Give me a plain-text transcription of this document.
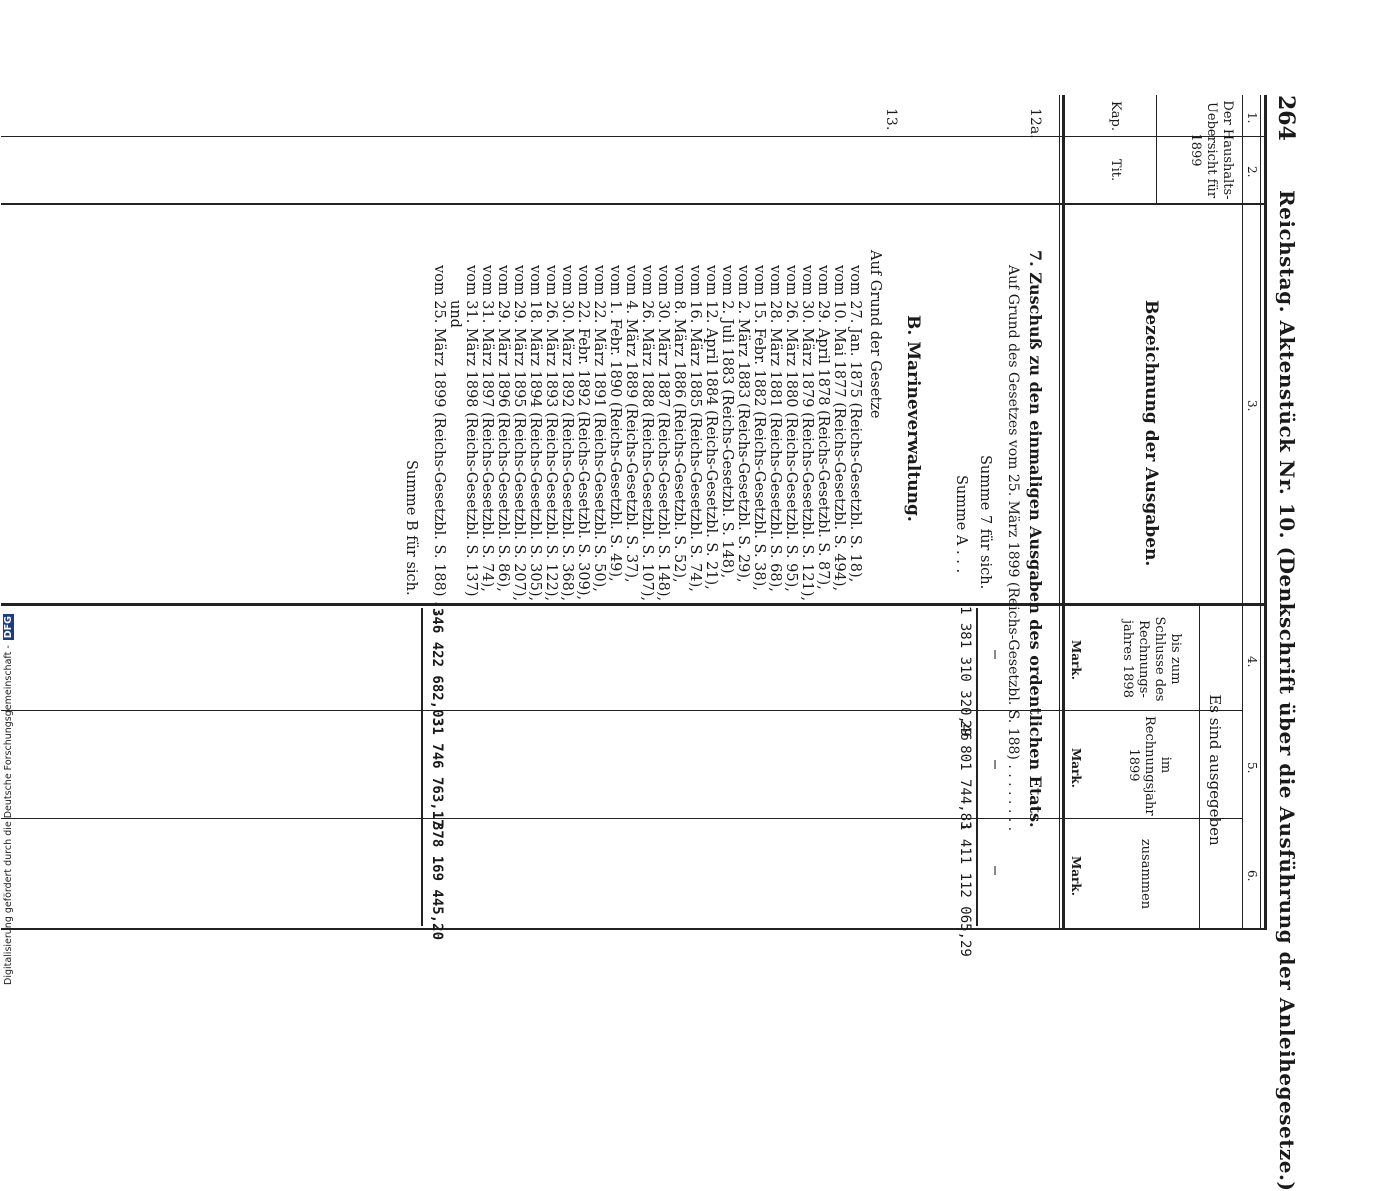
264
Reichstag. Aktenstück Nr. 10. (Denkschrift über die Ausführung der Anleihegesetze.)
1.
2.
3.
4.
5.
6.
Der Haushalts-Uebersicht für 1899
Kap.
Tit.
Bezeichnung der Ausgaben.
Es sind ausgegeben
bis zum Schlusse des Rechnungs-jahres 1898
im Rechnungsjahr 1899
zusammen
Mark.
Mark.
Mark.
12a.
7. Zuschuß zu den einmaligen Ausgaben des ordentlichen Etats.
Auf Grund des Gesetzes vom 25. März 1899 (Reichs-Gesetzbl. S. 188) . . . . . . . .
Summe 7 für sich.
—
—
—
Summe A . . .
1 381 310 320,46
29 801 744,83
1 411 112 065,29
B. Marineverwaltung.
13.
Auf Grund der Gesetze
vom 27. Jan. 1875 (Reichs-Gesetzbl. S. 18),
vom 10. Mai 1877 (Reichs-Gesetzbl. S. 494),
vom 29. April 1878 (Reichs-Gesetzbl. S. 87),
vom 30. März 1879 (Reichs-Gesetzbl. S. 121),
vom 26. März 1880 (Reichs-Gesetzbl. S. 95),
vom 28. März 1881 (Reichs-Gesetzbl. S. 68),
vom 15. Febr. 1882 (Reichs-Gesetzbl. S. 38),
vom 2. März 1883 (Reichs-Gesetzbl. S. 29),
vom 2. Juli 1883 (Reichs-Gesetzbl. S. 148),
vom 12. April 1884 (Reichs-Gesetzbl. S. 21),
vom 16. März 1885 (Reichs-Gesetzbl. S. 74),
vom 8. März 1886 (Reichs-Gesetzbl. S. 52),
vom 30. März 1887 (Reichs-Gesetzbl. S. 148),
vom 26. März 1888 (Reichs-Gesetzbl. S. 107),
vom 4. März 1889 (Reichs-Gesetzbl. S. 37),
vom 1. Febr. 1890 (Reichs-Gesetzbl. S. 49),
vom 22. März 1891 (Reichs-Gesetzbl. S. 50),
vom 22. Febr. 1892 (Reichs-Gesetzbl. S. 309),
vom 30. März 1892 (Reichs-Gesetzbl. S. 368),
vom 26. März 1893 (Reichs-Gesetzbl. S. 122),
vom 18. März 1894 (Reichs-Gesetzbl. S. 305),
vom 29. März 1895 (Reichs-Gesetzbl. S. 207),
vom 29. März 1896 (Reichs-Gesetzbl. S. 86),
vom 31. März 1897 (Reichs-Gesetzbl. S. 74),
vom 31. März 1898 (Reichs-Gesetzbl. S. 137)
und
vom 25. März 1899 (Reichs-Gesetzbl. S. 188) . .
346 422 682,03
31 746 763,17
378 169 445,20
Summe B für sich.
Digitalisierung gefördert durch die Deutsche Forschungsgemeinschaft - DFG
